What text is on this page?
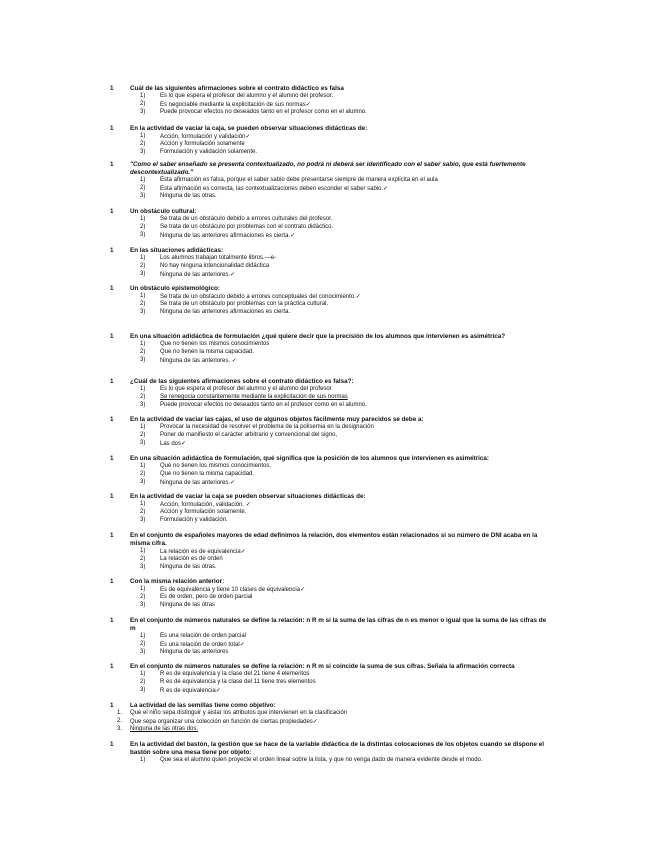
1	Cuál de las siguientes afirmaciones sobre el contrato didáctico es falsa
1) Es lo que espera el profesor del alumno y el alumno del profesor.
2) Es negociable mediante la explicitación de sus normas✓
3) Puede provocar efectos no deseados tanto en el profesor como en el alumno.
1	En la actividad de vaciar la caja, se pueden observar situaciones didácticas de:
1) Acción, formulación y validación✓
2) Acción y formulación solamente
3) Formulación y validación solamente.
1	"Como el saber enseñado se presenta contextualizado, no podrá ni deberá ser identificado con el saber sabio, que está fuertemente descontextualizado."
1) Esta afirmación es falsa, porque el saber sabio debe presentarse siempre de manera explícita en el aula
2) Esta afirmación es correcta, las contextualizaciones deben esconder el saber sabio.✓
3) Ninguna de las otras.
1	Un obstáculo cultural:
1) Se trata de un obstáculo debido a errores culturales del profesor.
2) Se trata de un obstáculo por problemas con el contrato didáctico.
3) Ninguna de las anteriores afirmaciones es cierta.✓
1	En las situaciones adidácticas:
1) Los alumnos trabajan totalmente libros.—e-
2) No hay ninguna intencionalidad didáctica
3) Ninguna de las anteriores.✓
1	Un obstáculo epistemológico:
1) Se trata de un obstáculo debido a errores conceptuales del conocimiento.✓
2) Se trata de un obstáculo por problemas con la práctica cultural.
3) Ninguna de las anteriores afirmaciones es cierta.
1	En una situación adidáctica de formulación ¿qué quiere decir que la precisión de los alumnos que intervienen es asimétrica?
1) Que no tienen los mismos conocimientos
2) Que no tienen la misma capacidad.
3) Ninguna de las anteriores. ✓
1	¿Cuál de las siguientes afirmaciones sobre el contrato didáctico es falsa?:
1) Es lo que espera el profesor del alumno y el alumno del profesor
2) Se renegocia constantemente mediante la explicitación de sus normas
3) Puede provocar efectos no deseados tanto en el profesor como en el alumno.
1	En la actividad de vaciar las cajas, el uso de algunos objetos fácilmente muy parecidos se debe a:
1) Provocar la necesidad de resolver el problema de la polisemia en la designación
2) Poner de manifiesto el carácter arbitrario y convencional del signo,
3) Las dos✓
1	En una situación adidáctica de formulación, qué significa que la posición de los alumnos que intervienen es asimétrica:
1) Que no tienen los mismos conocimientos.
2) Que no tienen la misma capacidad.
3) Ninguna de las anteriores.✓
1	En la actividad de vaciar la caja se pueden observar situaciones didácticas de:
1) Acción, formulación, validación. ✓
2) Acción y formulación solamente.
3) Formulación y validación.
1	En el conjunto de españoles mayores de edad definimos la relación, dos elementos están relacionados si su número de DNI acaba en la misma cifra.
1) La relación es de equivalencia✓
2) La relación es de orden
3) Ninguna de las otras.
1	Con la misma relación anterior:
1) Es de equivalencia y tiene 10 clases de equivalencia✓
2) Es de orden, pero de orden parcial
3) Ninguna de las otras
1	En el conjunto de números naturales se define la relación: n R m si la suma de las cifras de n es menor o igual que la suma de las cifras de m
1) Es una relación de orden parcial
2) Es una relación de orden total✓
3) Ninguna de las anteriores
1	En el conjunto de números naturales se define la relación: n R m si coincide la suma de sus cifras. Señala la afirmación correcta
1) R es de equivalencia y la clase del 21 tiene 4 elementos
2) R es de equivalencia y la clase del 11 tiene tres elementos
3) R es de equivalencia✓
1	La actividad de las semillas tiene como objetivo:
1. Que el niño sepa distinguir y aislar los atributos que intervienen en la clasificación
2. Que sepa organizar una colección en función de ciertas propiedades✓
3. Ninguna de las otras dos.
1	En la actividad del bastón, la gestión que se hace de la variable didáctica de la distintas colocaciones de los objetos cuando se dispone el bastón sobre una mesa tiene por objeto:
1) Que sea el alumno quien proyecte el orden lineal sobre la lista, y que no venga dado de manera evidente desde el modo.
